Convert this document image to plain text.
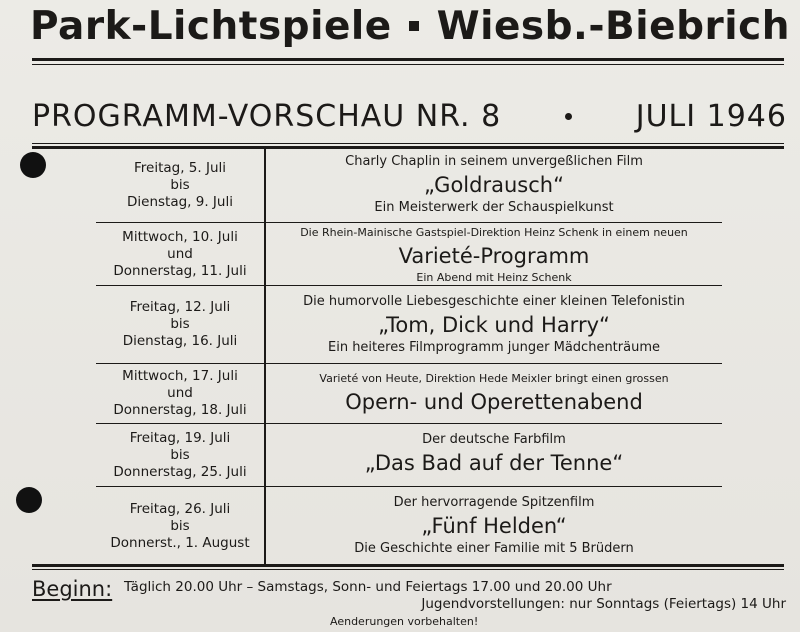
Park-Lichtspiele Wiesb.-Biebrich
PROGRAMM-VORSCHAU NR. 8	JULI 1946
Freitag, 5. Juli
bis
Dienstag, 9. Juli
Charly Chaplin in seinem unvergeßlichen Film
„Goldrausch“
Ein Meisterwerk der Schauspielkunst
Mittwoch, 10. Juli
und
Donnerstag, 11. Juli
Die Rhein-Mainische Gastspiel-Direktion Heinz Schenk in einem neuen
Varieté-Programm
Ein Abend mit Heinz Schenk
Freitag, 12. Juli
bis
Dienstag, 16. Juli
Die humorvolle Liebesgeschichte einer kleinen Telefonistin
„Tom, Dick und Harry“
Ein heiteres Filmprogramm junger Mädchenträume
Mittwoch, 17. Juli
und
Donnerstag, 18. Juli
Varieté von Heute, Direktion Hede Meixler bringt einen grossen
Opern- und Operettenabend
Freitag, 19. Juli
bis
Donnerstag, 25. Juli
Der deutsche Farbfilm
„Das Bad auf der Tenne“
Freitag, 26. Juli
bis
Donnerst., 1. August
Der hervorragende Spitzenfilm
„Fünf Helden“
Die Geschichte einer Familie mit 5 Brüdern
Beginn: Täglich 20.00 Uhr – Samstags, Sonn- und Feiertags 17.00 und 20.00 Uhr
Jugendvorstellungen: nur Sonntags (Feiertags) 14 Uhr
Aenderungen vorbehalten!
